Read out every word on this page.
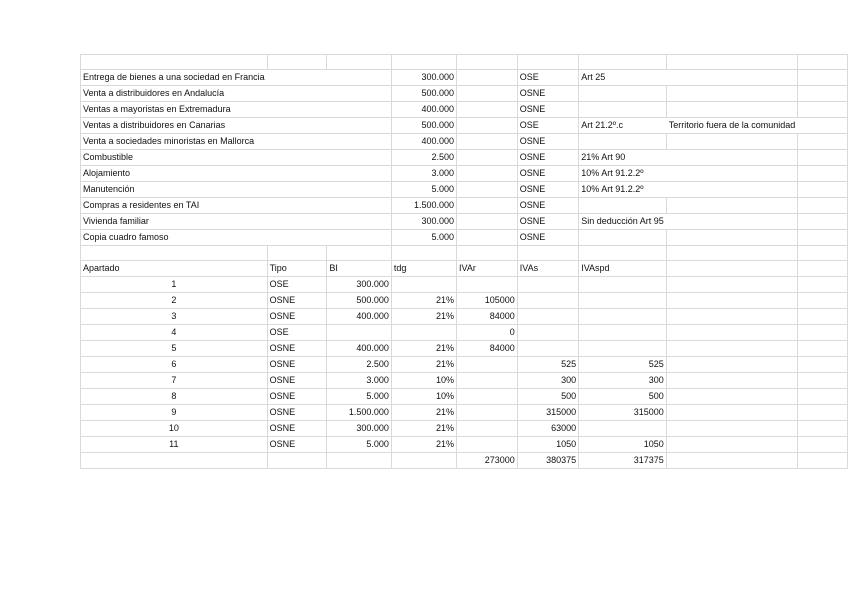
Entrega de bienes a una sociedad en Francia			300.000		OSE	Art 25		
Venta a distribuidores en Andalucía			500.000		OSNE			
Ventas a mayoristas en Extremadura			400.000		OSNE			
Ventas a distribuidores en Canarias			500.000		OSE	Art 21.2º.c	Territorio fuera de la comunidad	
Venta a sociedades minoristas en Mallorca			400.000		OSNE			
Combustible			2.500		OSNE	21% Art 90		
Alojamiento			3.000		OSNE	10% Art 91.2.2º		
Manutención			5.000		OSNE	10% Art 91.2.2º		
Compras a residentes en TAI			1.500.000		OSNE			
Vivienda familiar			300.000		OSNE	Sin deducción Art 95		
Copia cuadro famoso			5.000		OSNE			

Apartado	Tipo	BI	tdg	IVAr	IVAs	IVAspd		
1	OSE	300.000						
2	OSNE	500.000	21%	105000				
3	OSNE	400.000	21%	84000				
4	OSE			0				
5	OSNE	400.000	21%	84000				
6	OSNE	2.500	21%		525	525		
7	OSNE	3.000	10%		300	300		
8	OSNE	5.000	10%		500	500		
9	OSNE	1.500.000	21%		315000	315000		
10	OSNE	300.000	21%		63000			
11	OSNE	5.000	21%		1050	1050		
				273000	380375	317375		
